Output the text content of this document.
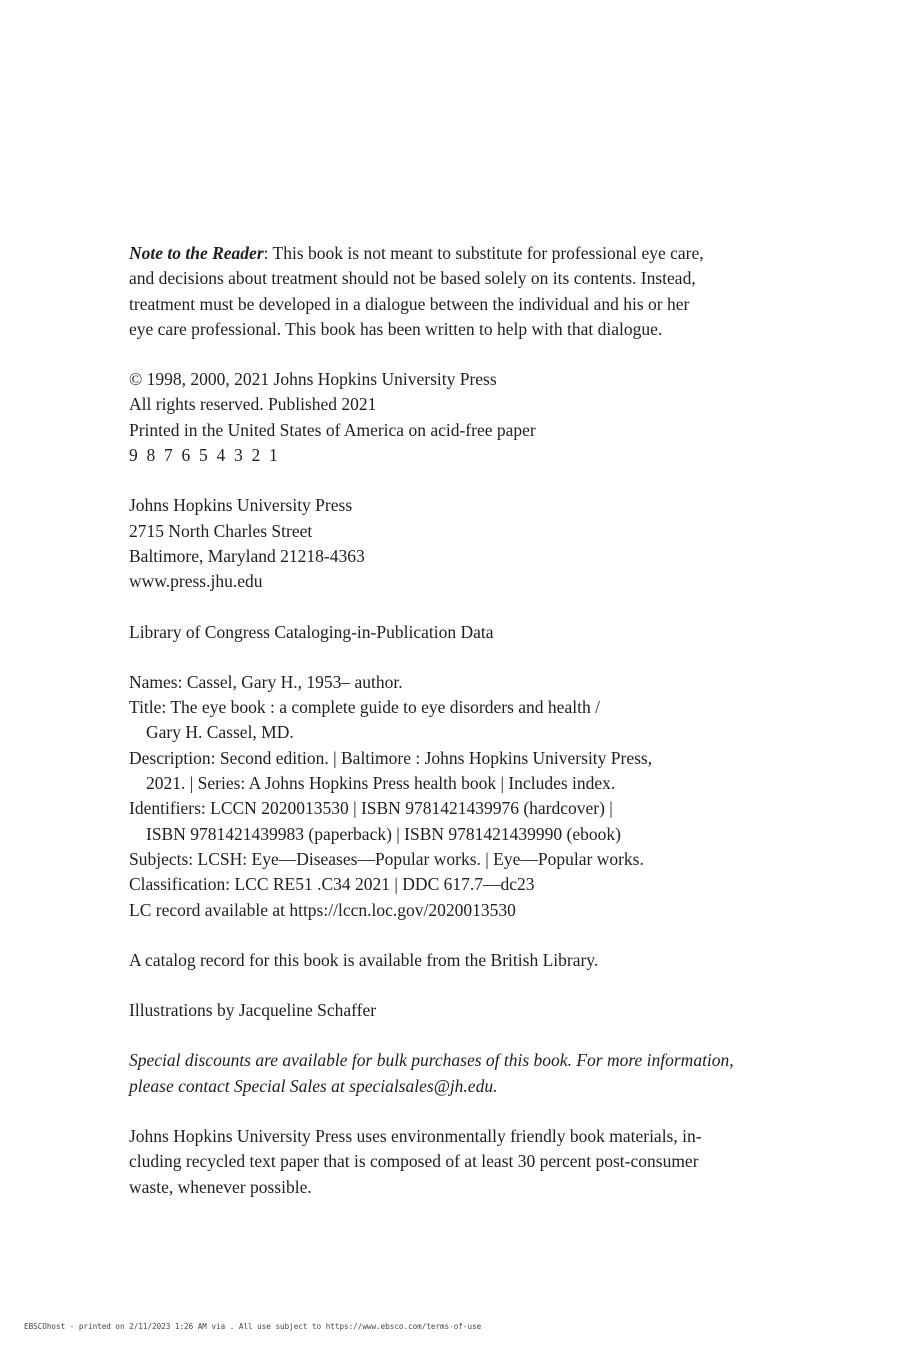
Note to the Reader: This book is not meant to substitute for professional eye care,
and decisions about treatment should not be based solely on its contents. Instead,
treatment must be developed in a dialogue between the individual and his or her
eye care professional. This book has been written to help with that dialogue.
© 1998, 2000, 2021 Johns Hopkins University Press
All rights reserved. Published 2021
Printed in the United States of America on acid-free paper
9  8  7  6  5  4  3  2  1
Johns Hopkins University Press
2715 North Charles Street
Baltimore, Maryland 21218-4363
www.press.jhu.edu
Library of Congress Cataloging-in-Publication Data
Names: Cassel, Gary H., 1953– author.
Title: The eye book : a complete guide to eye disorders and health /
Gary H. Cassel, MD.
Description: Second edition. | Baltimore : Johns Hopkins University Press,
2021. | Series: A Johns Hopkins Press health book | Includes index.
Identifiers: LCCN 2020013530 | ISBN 9781421439976 (hardcover) |
ISBN 9781421439983 (paperback) | ISBN 9781421439990 (ebook)
Subjects: LCSH: Eye—Diseases—Popular works. | Eye—Popular works.
Classification: LCC RE51 .C34 2021 | DDC 617.7—dc23
LC record available at https://lccn.loc.gov/2020013530
A catalog record for this book is available from the British Library.
Illustrations by Jacqueline Schaffer
Special discounts are available for bulk purchases of this book. For more information,
please contact Special Sales at specialsales@jh.edu.
Johns Hopkins University Press uses environmentally friendly book materials, in-
cluding recycled text paper that is composed of at least 30 percent post-consumer
waste, whenever possible.
EBSCOhost - printed on 2/11/2023 1:26 AM via . All use subject to https://www.ebsco.com/terms-of-use
